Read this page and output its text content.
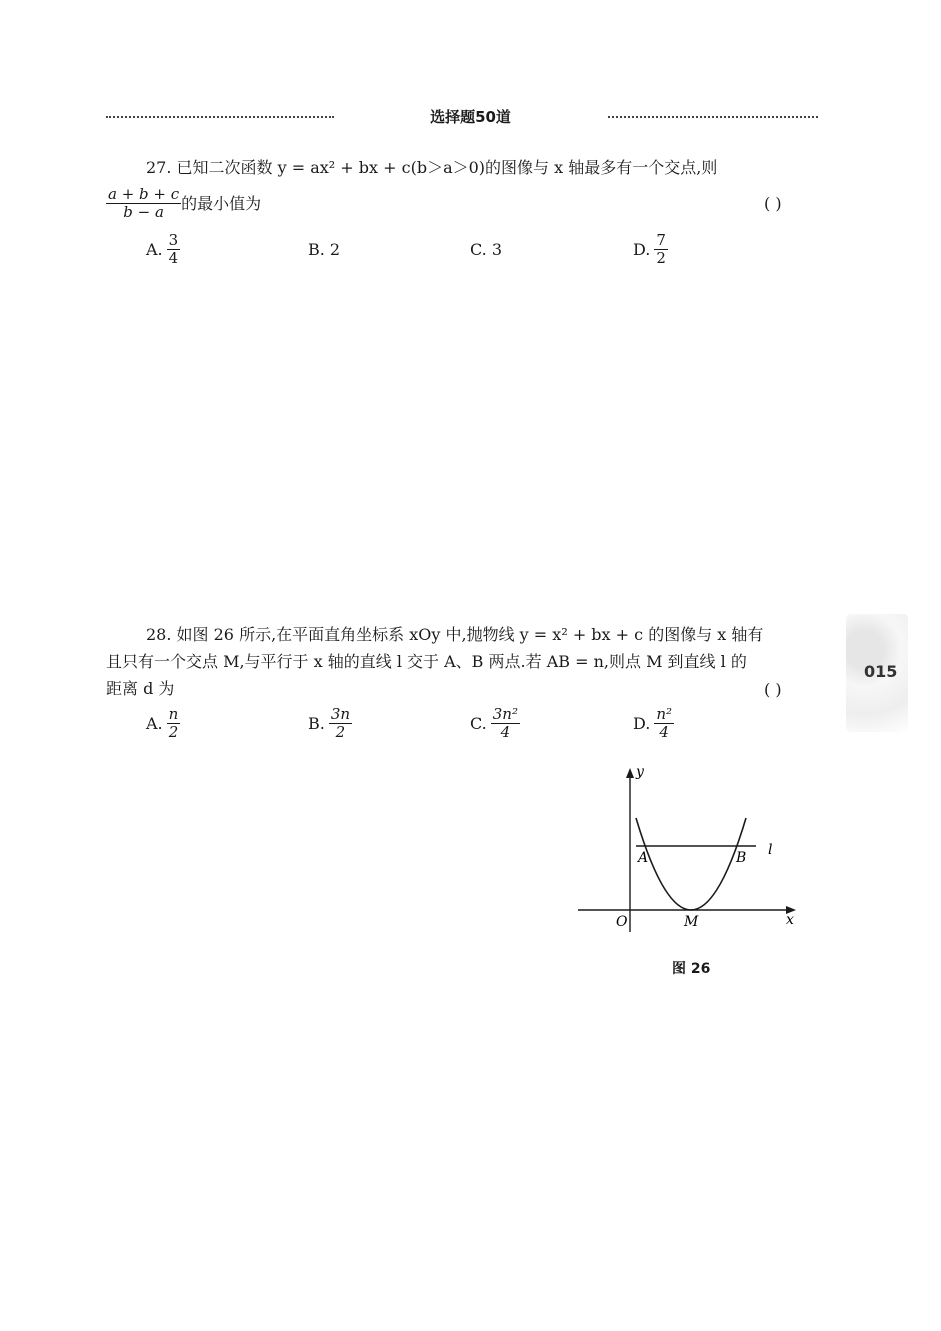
选择题50道
27. 已知二次函数 y = ax² + bx + c(b＞a＞0)的图像与 x 轴最多有一个交点,则
$\frac{a + b + c}{b - a}$ 的最小值为	( )
A. $\frac{3}{4}$	B. 2	C. 3	D. $\frac{7}{2}$
015
28. 如图 26 所示,在平面直角坐标系 xOy 中,抛物线 y = x² + bx + c 的图像与 x 轴有
且只有一个交点 M,与平行于 x 轴的直线 l 交于 A、B 两点.若 AB = n,则点 M 到直线 l 的
距离 d 为	( )
A. $\frac{n}{2}$	B. $\frac{3n}{2}$	C. $\frac{\text{3n²}}{4}$	D. $\frac{\text{n²}}{4}$
y
x
O
A	B
M
l
图 26
